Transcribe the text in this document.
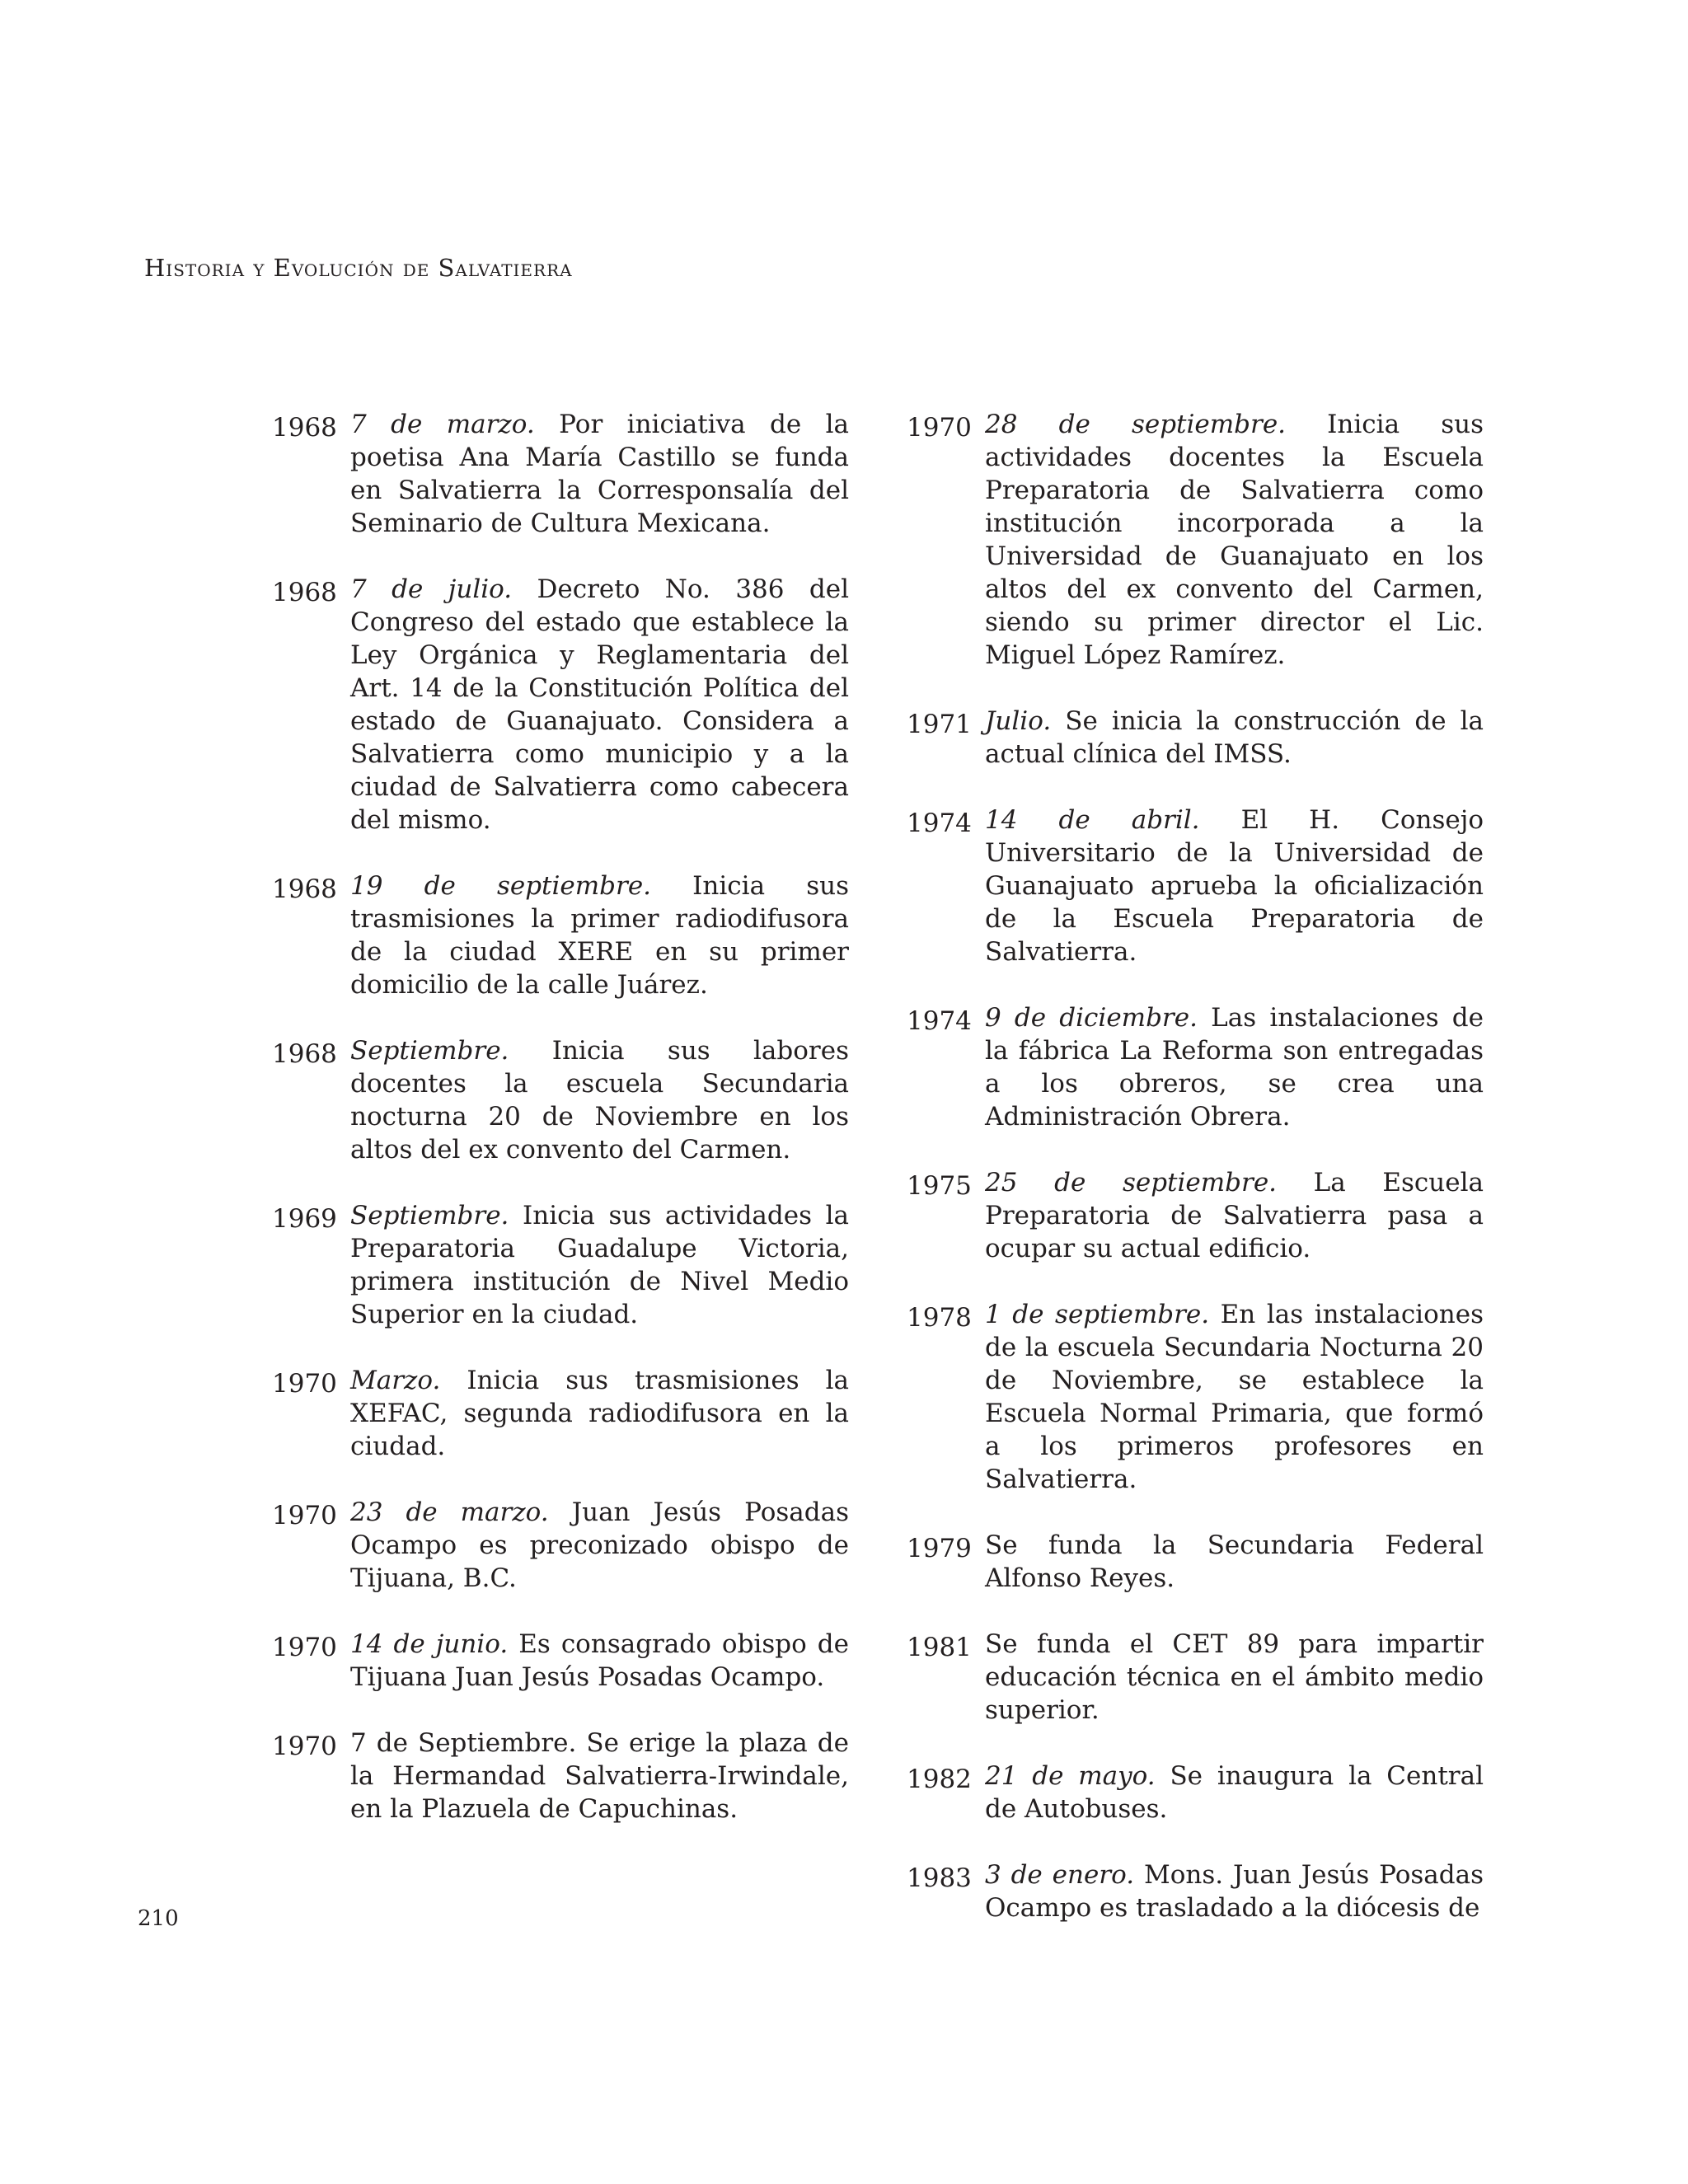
Historia y Evolución de Salvatierra
1968 7 de marzo. Por iniciativa de la poetisa Ana María Castillo se funda en Salvatierra la Corresponsalía del Seminario de Cultura Mexicana.
1968 7 de julio. Decreto No. 386 del Congreso del estado que establece la Ley Orgánica y Reglamentaria del Art. 14 de la Constitución Política del estado de Guanajuato. Considera a Salvatierra como municipio y a la ciudad de Salvatierra como cabecera del mismo.
1968 19 de septiembre. Inicia sus trasmisiones la primer radiodifusora de la ciudad XERE en su primer domicilio de la calle Juárez.
1968 Septiembre. Inicia sus labores docentes la escuela Secundaria nocturna 20 de Noviembre en los altos del ex convento del Carmen.
1969 Septiembre. Inicia sus actividades la Preparatoria Guadalupe Victoria, primera institución de Nivel Medio Superior en la ciudad.
1970 Marzo. Inicia sus trasmisiones la XEFAC, segunda radiodifusora en la ciudad.
1970 23 de marzo. Juan Jesús Posadas Ocampo es preconizado obispo de Tijuana, B.C.
1970 14 de junio. Es consagrado obispo de Tijuana Juan Jesús Posadas Ocampo.
1970 7 de Septiembre. Se erige la plaza de la Hermandad Salvatierra-Irwindale, en la Plazuela de Capuchinas.
1970 28 de septiembre. Inicia sus actividades docentes la Escuela Preparatoria de Salvatierra como institución incorporada a la Universidad de Guanajuato en los altos del ex convento del Carmen, siendo su primer director el Lic. Miguel López Ramírez.
1971 Julio. Se inicia la construcción de la actual clínica del IMSS.
1974 14 de abril. El H. Consejo Universitario de la Universidad de Guanajuato aprueba la oficialización de la Escuela Preparatoria de Salvatierra.
1974 9 de diciembre. Las instalaciones de la fábrica La Reforma son entregadas a los obreros, se crea una Administración Obrera.
1975 25 de septiembre. La Escuela Preparatoria de Salvatierra pasa a ocupar su actual edificio.
1978 1 de septiembre. En las instalaciones de la escuela Secundaria Nocturna 20 de Noviembre, se establece la Escuela Normal Primaria, que formó a los primeros profesores en Salvatierra.
1979 Se funda la Secundaria Federal Alfonso Reyes.
1981 Se funda el CET 89 para impartir educación técnica en el ámbito medio superior.
1982 21 de mayo. Se inaugura la Central de Autobuses.
1983 3 de enero. Mons. Juan Jesús Posadas Ocampo es trasladado a la diócesis de
210
